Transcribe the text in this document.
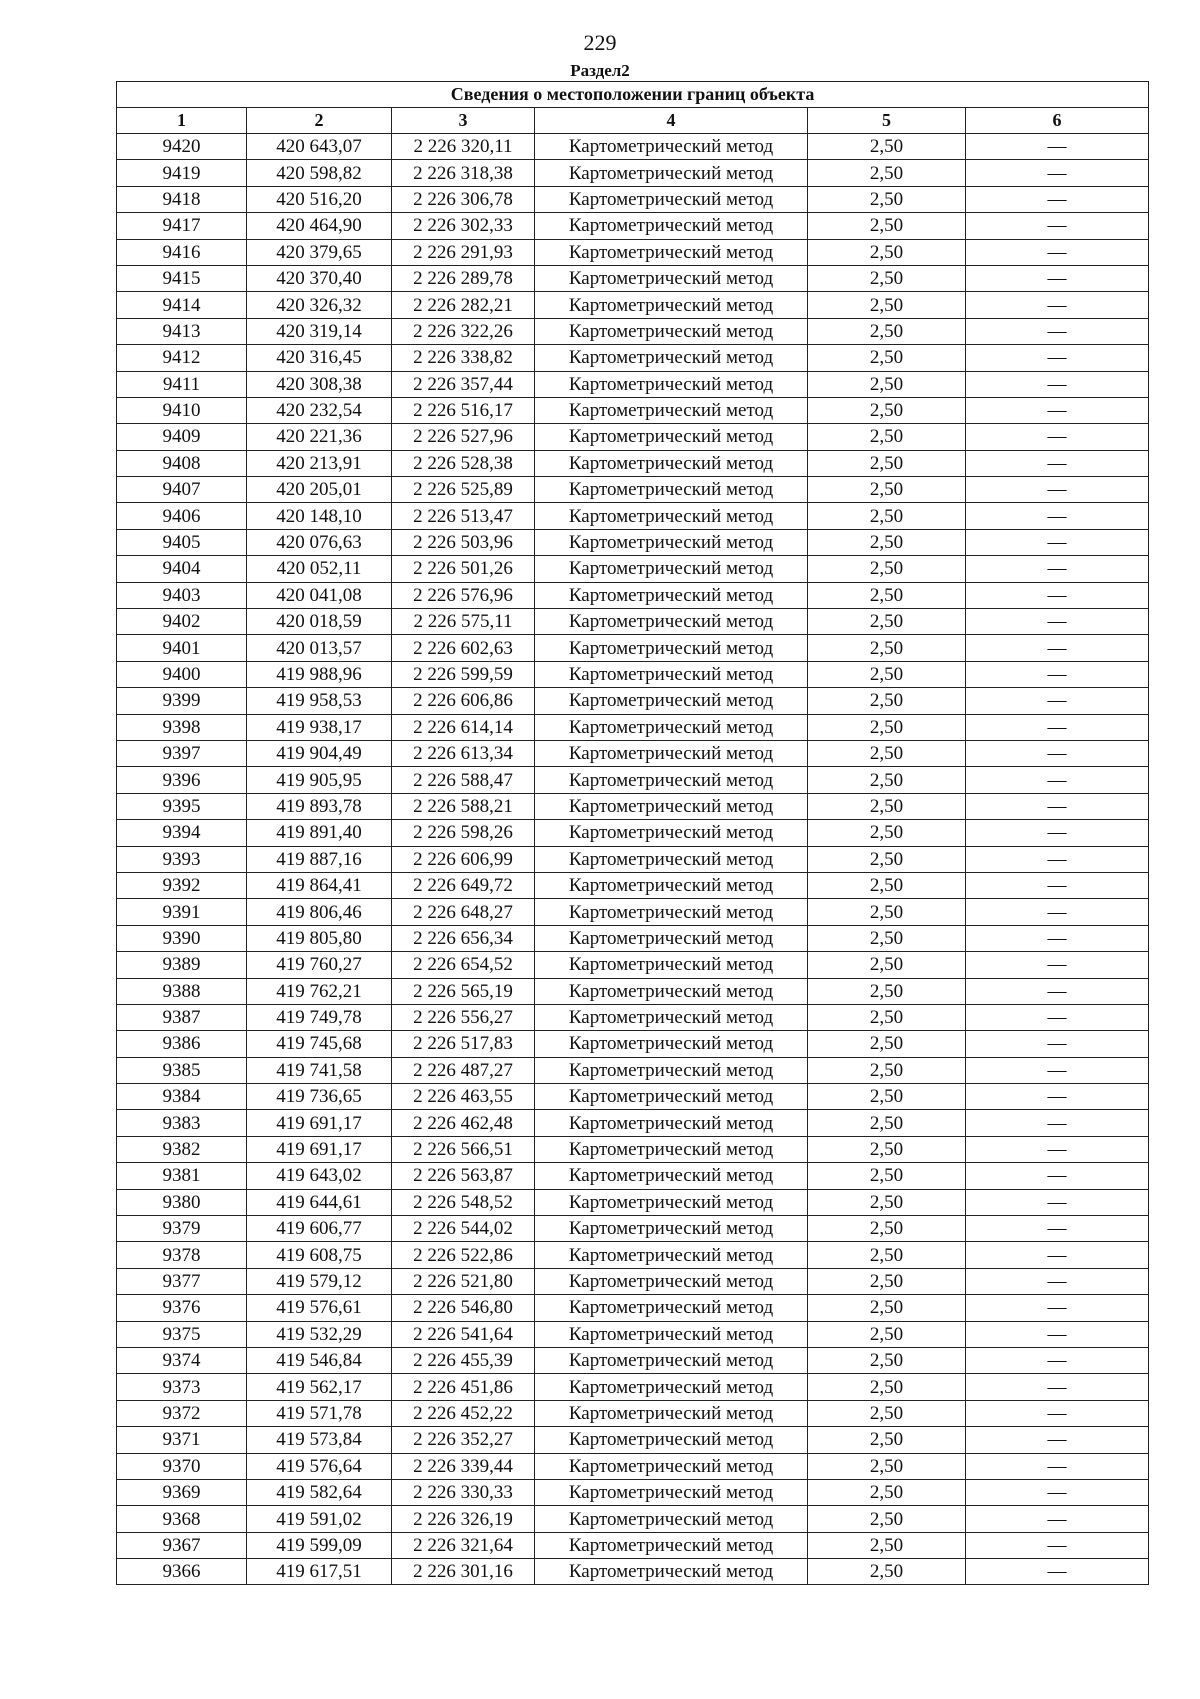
229
Раздел2
Сведения о местоположении границ объекта					
1	2	3	4	5	6
9420	420 643,07	2 226 320,11	Картометрический метод	2,50	—
9419	420 598,82	2 226 318,38	Картометрический метод	2,50	—
9418	420 516,20	2 226 306,78	Картометрический метод	2,50	—
9417	420 464,90	2 226 302,33	Картометрический метод	2,50	—
9416	420 379,65	2 226 291,93	Картометрический метод	2,50	—
9415	420 370,40	2 226 289,78	Картометрический метод	2,50	—
9414	420 326,32	2 226 282,21	Картометрический метод	2,50	—
9413	420 319,14	2 226 322,26	Картометрический метод	2,50	—
9412	420 316,45	2 226 338,82	Картометрический метод	2,50	—
9411	420 308,38	2 226 357,44	Картометрический метод	2,50	—
9410	420 232,54	2 226 516,17	Картометрический метод	2,50	—
9409	420 221,36	2 226 527,96	Картометрический метод	2,50	—
9408	420 213,91	2 226 528,38	Картометрический метод	2,50	—
9407	420 205,01	2 226 525,89	Картометрический метод	2,50	—
9406	420 148,10	2 226 513,47	Картометрический метод	2,50	—
9405	420 076,63	2 226 503,96	Картометрический метод	2,50	—
9404	420 052,11	2 226 501,26	Картометрический метод	2,50	—
9403	420 041,08	2 226 576,96	Картометрический метод	2,50	—
9402	420 018,59	2 226 575,11	Картометрический метод	2,50	—
9401	420 013,57	2 226 602,63	Картометрический метод	2,50	—
9400	419 988,96	2 226 599,59	Картометрический метод	2,50	—
9399	419 958,53	2 226 606,86	Картометрический метод	2,50	—
9398	419 938,17	2 226 614,14	Картометрический метод	2,50	—
9397	419 904,49	2 226 613,34	Картометрический метод	2,50	—
9396	419 905,95	2 226 588,47	Картометрический метод	2,50	—
9395	419 893,78	2 226 588,21	Картометрический метод	2,50	—
9394	419 891,40	2 226 598,26	Картометрический метод	2,50	—
9393	419 887,16	2 226 606,99	Картометрический метод	2,50	—
9392	419 864,41	2 226 649,72	Картометрический метод	2,50	—
9391	419 806,46	2 226 648,27	Картометрический метод	2,50	—
9390	419 805,80	2 226 656,34	Картометрический метод	2,50	—
9389	419 760,27	2 226 654,52	Картометрический метод	2,50	—
9388	419 762,21	2 226 565,19	Картометрический метод	2,50	—
9387	419 749,78	2 226 556,27	Картометрический метод	2,50	—
9386	419 745,68	2 226 517,83	Картометрический метод	2,50	—
9385	419 741,58	2 226 487,27	Картометрический метод	2,50	—
9384	419 736,65	2 226 463,55	Картометрический метод	2,50	—
9383	419 691,17	2 226 462,48	Картометрический метод	2,50	—
9382	419 691,17	2 226 566,51	Картометрический метод	2,50	—
9381	419 643,02	2 226 563,87	Картометрический метод	2,50	—
9380	419 644,61	2 226 548,52	Картометрический метод	2,50	—
9379	419 606,77	2 226 544,02	Картометрический метод	2,50	—
9378	419 608,75	2 226 522,86	Картометрический метод	2,50	—
9377	419 579,12	2 226 521,80	Картометрический метод	2,50	—
9376	419 576,61	2 226 546,80	Картометрический метод	2,50	—
9375	419 532,29	2 226 541,64	Картометрический метод	2,50	—
9374	419 546,84	2 226 455,39	Картометрический метод	2,50	—
9373	419 562,17	2 226 451,86	Картометрический метод	2,50	—
9372	419 571,78	2 226 452,22	Картометрический метод	2,50	—
9371	419 573,84	2 226 352,27	Картометрический метод	2,50	—
9370	419 576,64	2 226 339,44	Картометрический метод	2,50	—
9369	419 582,64	2 226 330,33	Картометрический метод	2,50	—
9368	419 591,02	2 226 326,19	Картометрический метод	2,50	—
9367	419 599,09	2 226 321,64	Картометрический метод	2,50	—
9366	419 617,51	2 226 301,16	Картометрический метод	2,50	—
